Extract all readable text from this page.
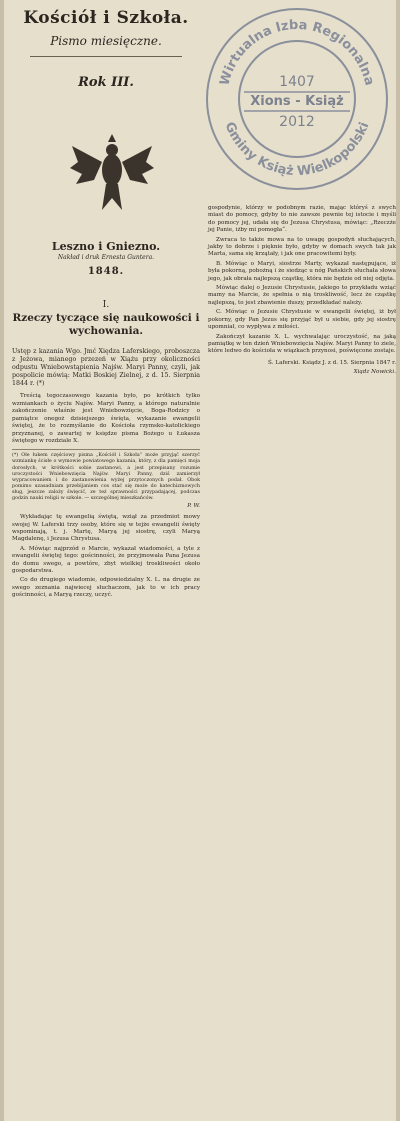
Kościół i Szkoła.
Pismo miesięczne.
Rok III.
Leszno i Gniezno.
Nakład i druk Ernesta Guntera.
1848.
I.
Rzeczy tyczące się naukowości i wychowania.
Ustęp z kazania Wgo. Jmć Xiędza Laferskiego, proboszcza z Jeżowa, mianego przezeń w Xiążu przy okoliczności odpustu Wniebowstąpienia Najśw. Maryi Panny, czyli, jak pospolicie mówią: Matki Boskiej Zielnej, z d. 15. Sierpnia 1844 r. (*)

Treścią tegoczasowego kazania było, po krótkich tylko wzmiankach o życiu Najśw. Maryi Panny, a którego naturalnie zakończenie właśnie jest Wniebowzięcie, Boga-Rodzicy o pamiątce onegoż dzisiejszego święta, wykazanie ewangelii świętej, że to rozmyślanie do Kościoła rzymsko-katolickiego przyznanej, o zawartej w księdze pisma Bożego u Łukasza świętego w rozdziale X.

(*) Ołe łukem częściowy pisma „Kościół i Szkoła“ może przyjąć szerzyć wzmiankę ścisłe o wymowie powiatowego kazania, który, z dla pamięci moja dorosłych, w krótkości sobie zastanowi, a jest przepisany rozumie uroczystości Wniebowzięcia Najśw. Maryi Panny, dziś zamierzył wypracowaniem i do zastanowienia wyżej przytoczonych podał. Obok pomimo uzasadniam przebijaniem cos stać się może do katechizmowych sług, jeszcze zaloży święcić, ze też sprawności przypadającej, podczas godzin nauki religii w szkole. — szczególnej mieszkańców.
P. W.

Wykładając tę ewangelią świętą, wziął za przedmiot mowy swojej W. Laferski trzy osoby, które się w tejże ewangelii święty wspominają, t. j. Martę, Maryą jej siostrę, czyli Maryą Magdalenę, i Jezusa Chrystusa.

A. Mówiąc najprzód o Marcie, wykazał wiadomości, a tyle z ewangelii świętej tego: gościnności, że przyjmowała Pana Jezusa do domu swego, a powtóre, zbyt wielkiej troskliwości około gospodarstwa.

Co do drugiego wiadomie, odpowiedzialny X. L. na drugie ze swego zeznania najwiecej słuchaczom, jak to w ich pracy gościnności, a Maryą rzeczy, uczyć.

Wirtualna Izba Regionalna
Gminy Książ Wielkopolski
1407
Xions - Książ
2012

gospodynie, którzy w podobnym razie, mając któryś z swych miast do pomocy, gdyby to nie zawsze pewnie tej istocie i myśli do pomocy jej, udała się do Jezusa Chrystusa, mówiąc: „Rzeczże jej Panie, iżby mi pomogła“.

Zwraca to także mowa na to uwagę gospodyń słuchających, jakby to dobrze i pięknie było, gdyby w domach swych tak jak Marta, sama się krzątały, i jak one pracowitemi były.

B. Mówiąc o Maryi, siostrze Marty, wykazał następujące, iż była pokorną, pobożną i że siedząc u nóg Pańskich słuchała słowa jego, jak obrała najlepszą cząstkę, która nie będzie od niej odjęta.

Mówiąc dalej o Jezusie Chrystusie, jakiego to przykładu wziąć mamy na Marcie, że spełnia o nią troskliwość, lecz że cząstkę najlepszą, to jest zbawienie duszy, przedkładać należy.

C. Mówiąc o Jezusie Chrystusie w ewangelii świętej, iż był pokorny, gdy Pan Jezus się przyjąć był u siebie, gdy jej siostrę upomniał, co wypływa z miłości.

Zakończył kazanie X. L. wychwalając uroczystość, na jaką pamiątkę w ten dzień Wniebowzięcia Najśw. Maryi Panny to ziele, które ledwo do kościoła w wiązkach przynosi, poświęcone zostaje.

Ś. Laferski. Ksiądz J. z d. 15. Sierpnia 1847 r.

Xiądz Nowicki.
